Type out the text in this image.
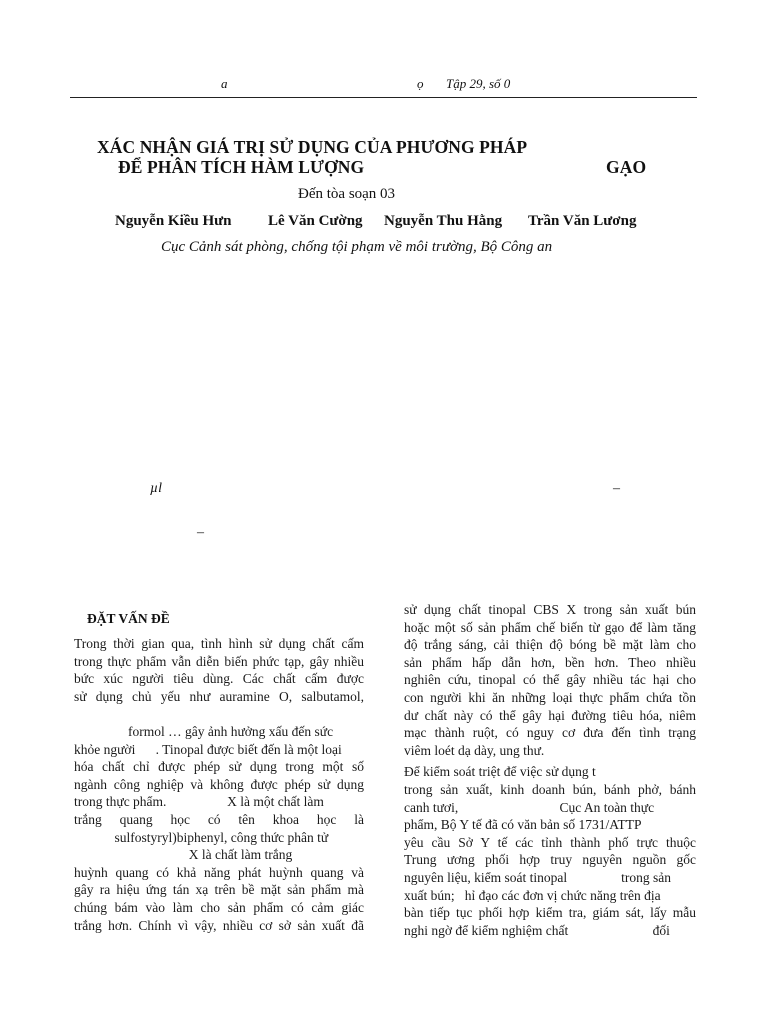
a	ọ Tập 29, số 0
XÁC NHẬN GIÁ TRỊ SỬ DỤNG CỦA PHƯƠNG PHÁP
ĐỂ PHÂN TÍCH HÀM LƯỢNG	GẠO
Đến tòa soạn 03
Nguyễn Kiều Hưn Lê Văn Cường Nguyễn Thu Hằng Trần Văn Lương
Cục Cảnh sát phòng, chống tội phạm về môi trường, Bộ Công an
µl	–
–
ĐẶT VẤN ĐỀ
Trong thời gian qua, tình hình sử dụng chất cấm
trong thực phẩm vẫn diễn biến phức tạp, gây nhiều
bức xúc người tiêu dùng. Các chất cấm được
sử dụng chủ yếu như auramine O, salbutamol,
formol … gây ảnh hưởng xấu đến sức
khỏe người      . Tinopal được biết đến là một loại
hóa chất chỉ được phép sử dụng trong một số
ngành công nghiệp và không được phép sử dụng
trong thực phẩm.                  X là một chất làm
trắng quang học có tên khoa học là
sulfostyryl)biphenyl, công thức phân tử
X là chất làm trắng
huỳnh quang có khả năng phát huỳnh quang và
gây ra hiệu ứng tán xạ trên bề mặt sản phẩm mà
chúng bám vào làm cho sản phẩm có cảm giác
trắng hơn. Chính vì vậy, nhiều cơ sở sản xuất đã
sử dụng chất tinopal CBS X trong sản xuất bún
hoặc một số sản phẩm chế biến từ gạo để làm tăng
độ trắng sáng, cải thiện độ bóng bề mặt làm cho
sản phẩm hấp dẫn hơn, bền hơn. Theo nhiều
nghiên cứu, tinopal có thể gây nhiều tác hại cho
con người khi ăn những loại thực phẩm chứa tồn
dư chất này có thể gây hại đường tiêu hóa, niêm
mạc thành ruột, có nguy cơ đưa đến tình trạng
viêm loét dạ dày, ung thư.
Để kiểm soát triệt để việc sử dụng t
trong sản xuất, kinh doanh bún, bánh phở, bánh
canh tươi,                              Cục An toàn thực
phẩm, Bộ Y tế đã có văn bản số 1731/ATTP
yêu cầu Sở Y tế các tỉnh thành phố trực thuộc
Trung ương phối hợp truy nguyên nguồn gốc
nguyên liệu, kiểm soát tinopal                trong sản
xuất bún;   hỉ đạo các đơn vị chức năng trên địa
bàn tiếp tục phối hợp kiểm tra, giám sát, lấy mẫu
nghi ngờ để kiểm nghiệm chất                         đối
